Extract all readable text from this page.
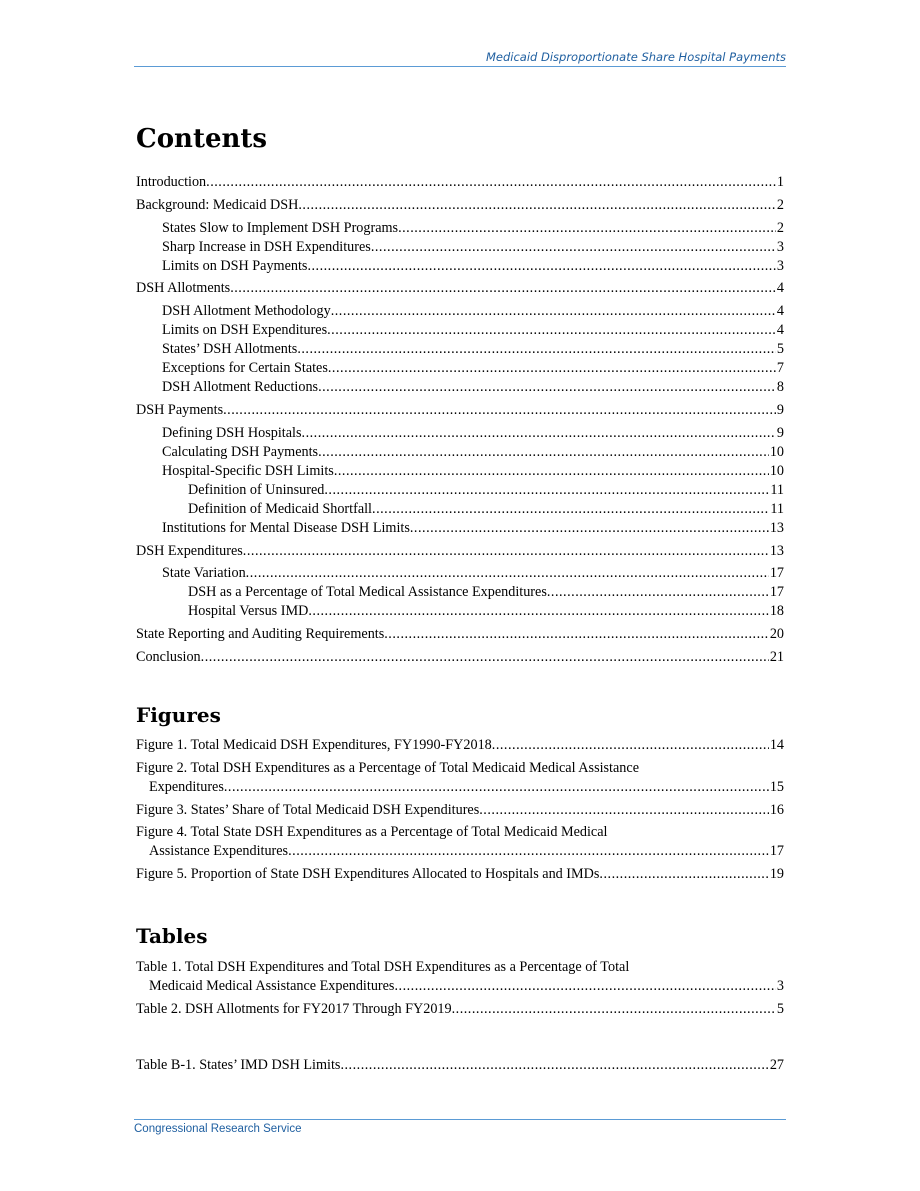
Medicaid Disproportionate Share Hospital Payments
Contents
Introduction .....	1
Background: Medicaid DSH .....	2
States Slow to Implement DSH Programs .....	2
Sharp Increase in DSH Expenditures .....	3
Limits on DSH Payments .....	3
DSH Allotments .....	4
DSH Allotment Methodology .....	4
Limits on DSH Expenditures .....	4
States’ DSH Allotments .....	5
Exceptions for Certain States .....	7
DSH Allotment Reductions .....	8
DSH Payments .....	9
Defining DSH Hospitals .....	9
Calculating DSH Payments .....	10
Hospital-Specific DSH Limits .....	10
Definition of Uninsured .....	11
Definition of Medicaid Shortfall .....	11
Institutions for Mental Disease DSH Limits .....	13
DSH Expenditures .....	13
State Variation .....	17
DSH as a Percentage of Total Medical Assistance Expenditures .....	17
Hospital Versus IMD .....	18
State Reporting and Auditing Requirements .....	20
Conclusion .....	21
Figures
Figure 1. Total Medicaid DSH Expenditures, FY1990-FY2018 .....	14
Figure 2. Total DSH Expenditures as a Percentage of Total Medicaid Medical Assistance
Expenditures .....	15
Figure 3. States’ Share of Total Medicaid DSH Expenditures .....	16
Figure 4. Total State DSH Expenditures as a Percentage of Total Medicaid Medical
Assistance Expenditures .....	17
Figure 5. Proportion of State DSH Expenditures Allocated to Hospitals and IMDs .....	19
Tables
Table 1. Total DSH Expenditures and Total DSH Expenditures as a Percentage of Total
Medicaid Medical Assistance Expenditures .....	3
Table 2. DSH Allotments for FY2017 Through FY2019 .....	5
Table B-1. States’ IMD DSH Limits .....	27
Congressional Research Service
